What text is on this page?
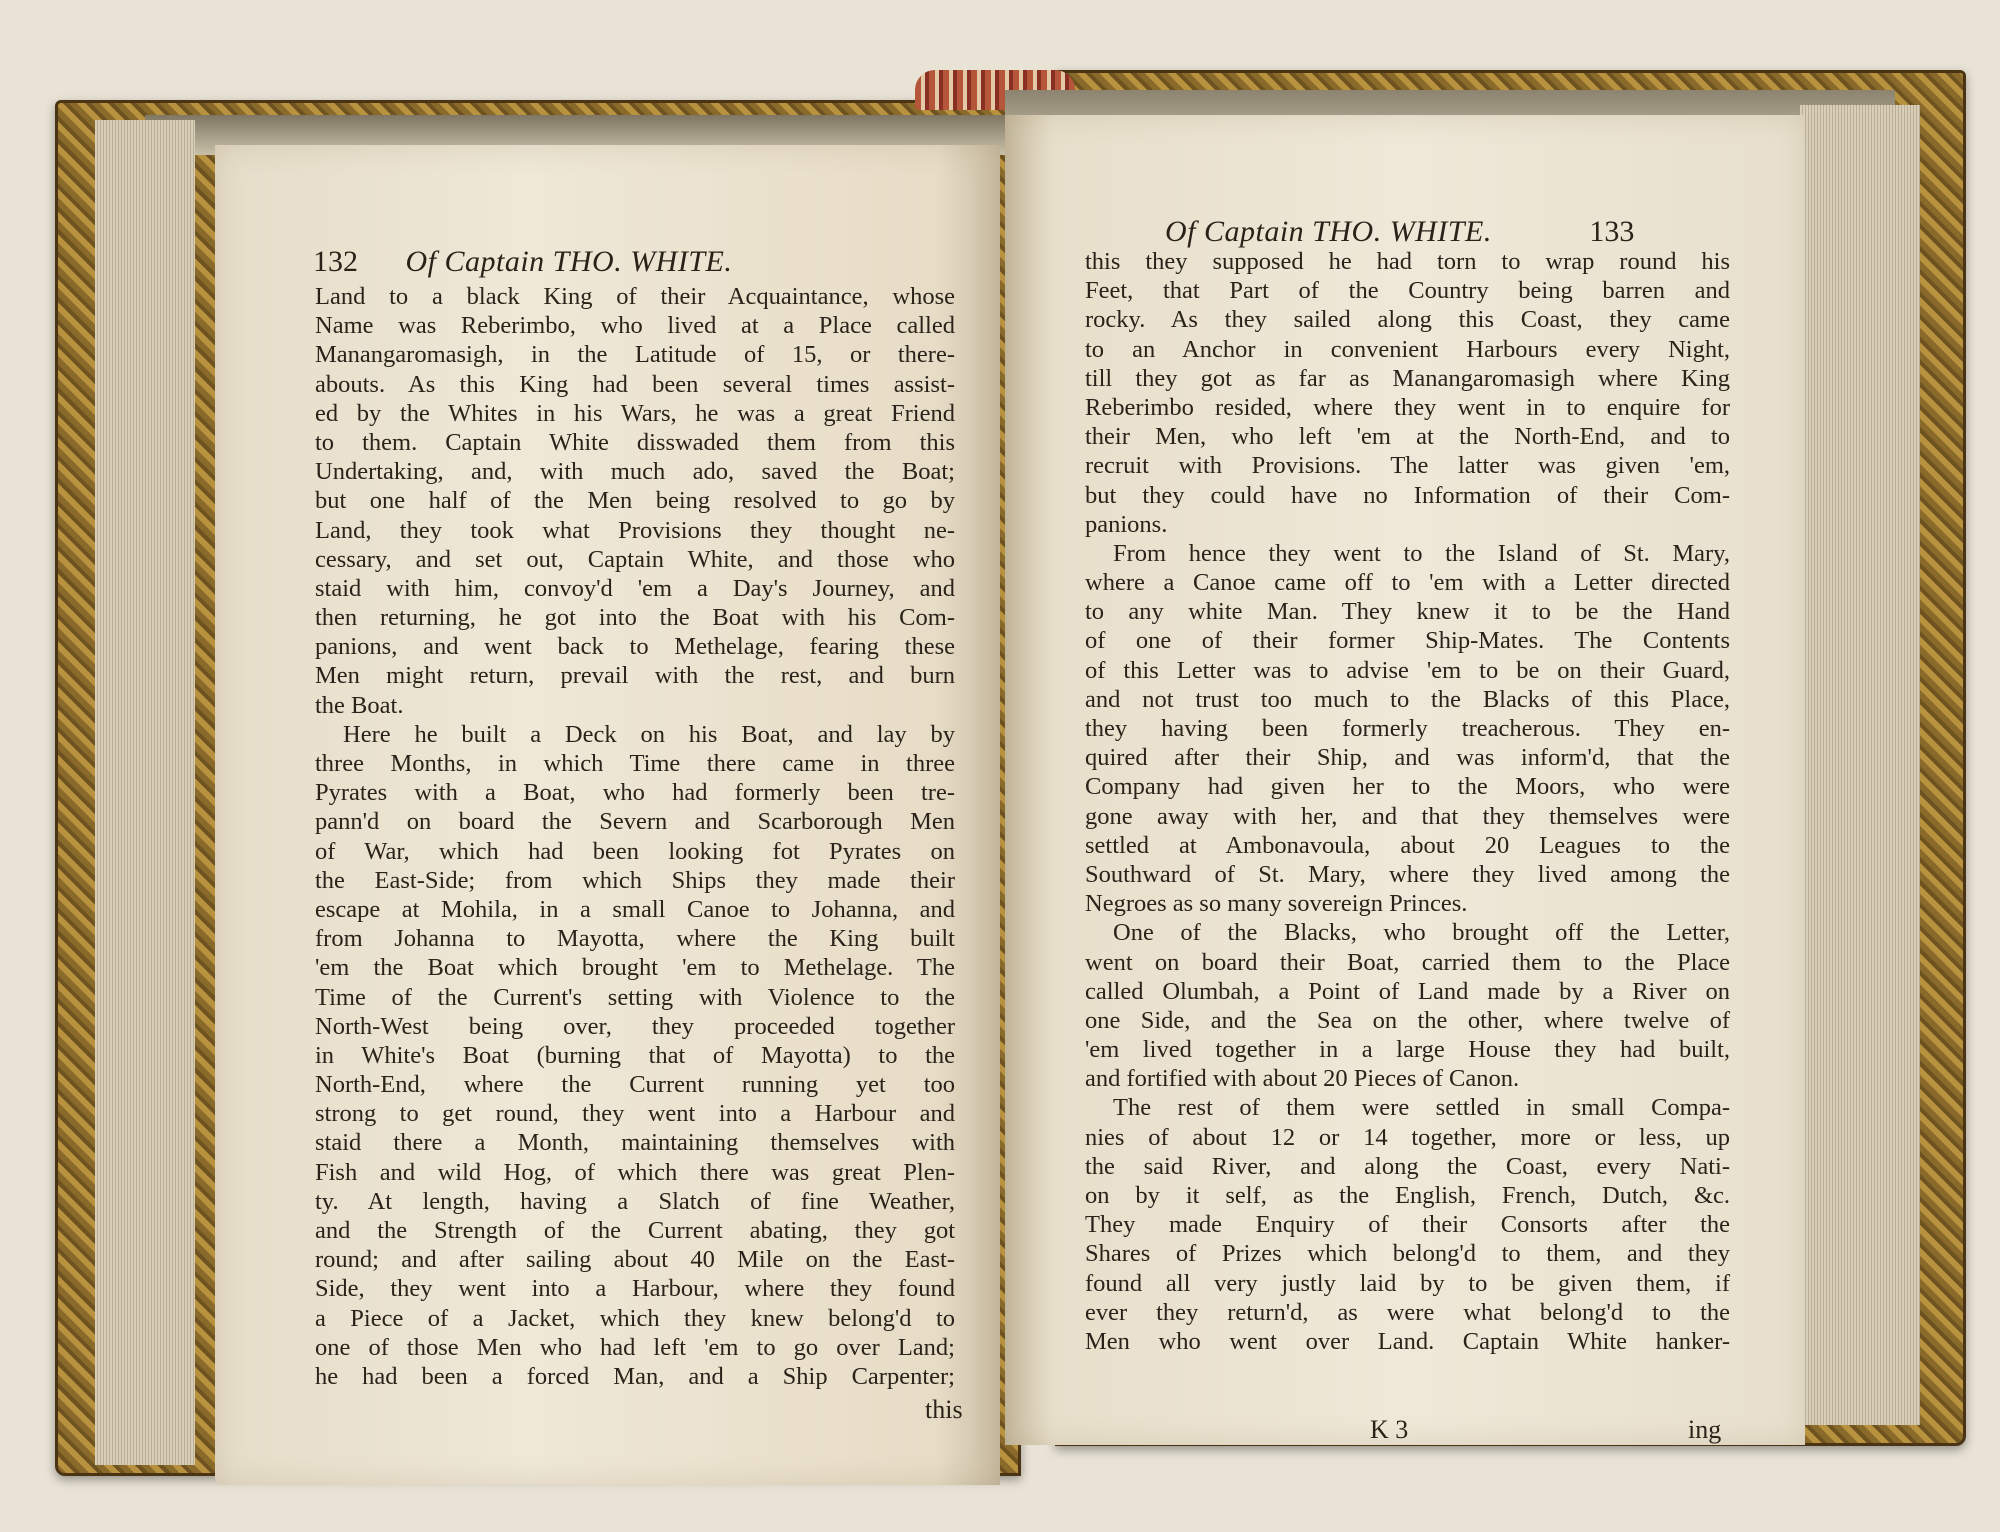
132 Of Captain THO. WHITE.
Land to a black King of their Acquaintance, whose
Name was Reberimbo, who lived at a Place called
Manangaromasigh, in the Latitude of 15, or there-
abouts. As this King had been several times assist-
ed by the Whites in his Wars, he was a great Friend
to them. Captain White disswaded them from this
Undertaking, and, with much ado, saved the Boat;
but one half of the Men being resolved to go by
Land, they took what Provisions they thought ne-
cessary, and set out, Captain White, and those who
staid with him, convoy'd 'em a Day's Journey, and
then returning, he got into the Boat with his Com-
panions, and went back to Methelage, fearing these
Men might return, prevail with the rest, and burn
the Boat.
Here he built a Deck on his Boat, and lay by
three Months, in which Time there came in three
Pyrates with a Boat, who had formerly been tre-
pann'd on board the Severn and Scarborough Men
of War, which had been looking fot Pyrates on
the East-Side; from which Ships they made their
escape at Mohila, in a small Canoe to Johanna, and
from Johanna to Mayotta, where the King built
'em the Boat which brought 'em to Methelage. The
Time of the Current's setting with Violence to the
North-West being over, they proceeded together
in White's Boat (burning that of Mayotta) to the
North-End, where the Current running yet too
strong to get round, they went into a Harbour and
staid there a Month, maintaining themselves with
Fish and wild Hog, of which there was great Plen-
ty. At length, having a Slatch of fine Weather,
and the Strength of the Current abating, they got
round; and after sailing about 40 Mile on the East-
Side, they went into a Harbour, where they found
a Piece of a Jacket, which they knew belong'd to
one of those Men who had left 'em to go over Land;
he had been a forced Man, and a Ship Carpenter;
this
Of Captain THO. WHITE.	133
this they supposed he had torn to wrap round his
Feet, that Part of the Country being barren and
rocky. As they sailed along this Coast, they came
to an Anchor in convenient Harbours every Night,
till they got as far as Manangaromasigh where King
Reberimbo resided, where they went in to enquire for
their Men, who left 'em at the North-End, and to
recruit with Provisions. The latter was given 'em,
but they could have no Information of their Com-
panions.
From hence they went to the Island of St. Mary,
where a Canoe came off to 'em with a Letter directed
to any white Man. They knew it to be the Hand
of one of their former Ship-Mates. The Contents
of this Letter was to advise 'em to be on their Guard,
and not trust too much to the Blacks of this Place,
they having been formerly treacherous. They en-
quired after their Ship, and was inform'd, that the
Company had given her to the Moors, who were
gone away with her, and that they themselves were
settled at Ambonavoula, about 20 Leagues to the
Southward of St. Mary, where they lived among the
Negroes as so many sovereign Princes.
One of the Blacks, who brought off the Letter,
went on board their Boat, carried them to the Place
called Olumbah, a Point of Land made by a River on
one Side, and the Sea on the other, where twelve of
'em lived together in a large House they had built,
and fortified with about 20 Pieces of Canon.
The rest of them were settled in small Compa-
nies of about 12 or 14 together, more or less, up
the said River, and along the Coast, every Nati-
on by it self, as the English, French, Dutch, &c.
They made Enquiry of their Consorts after the
Shares of Prizes which belong'd to them, and they
found all very justly laid by to be given them, if
ever they return'd, as were what belong'd to the
Men who went over Land. Captain White hanker-
K 3	ing
